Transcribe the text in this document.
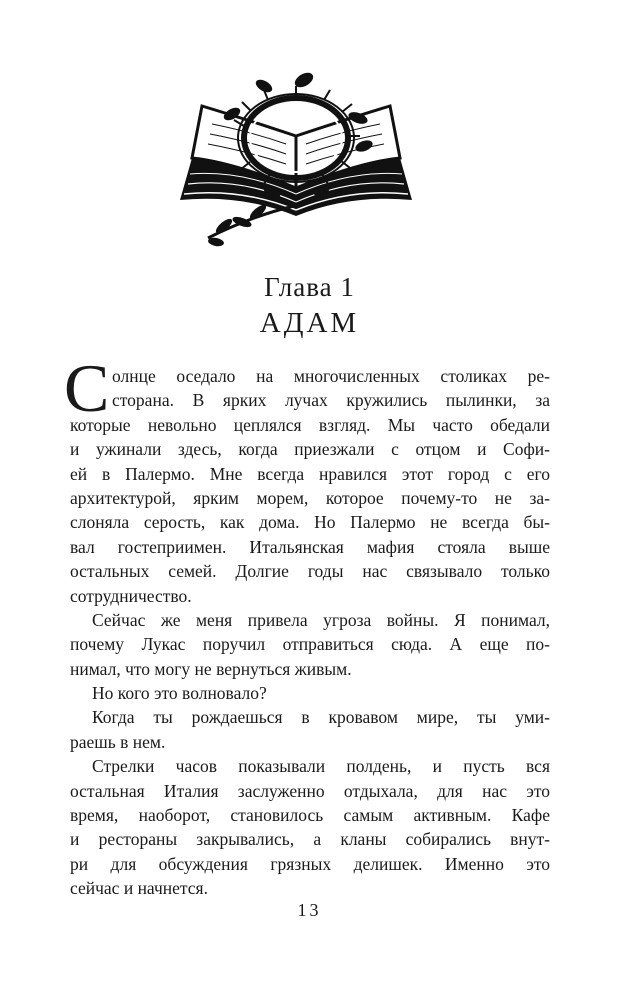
Глава 1
АДАМ
С олнце оседало на многочисленных столиках ре-
сторана. В ярких лучах кружились пылинки, за
которые невольно цеплялся взгляд. Мы часто обедали
и ужинали здесь, когда приезжали с отцом и Софи-
ей в Палермо. Мне всегда нравился этот город с его
архитектурой, ярким морем, которое почему-то не за-
слоняла серость, как дома. Но Палермо не всегда бы-
вал гостеприимен. Итальянская мафия стояла выше
остальных семей. Долгие годы нас связывало только
сотрудничество.
Сейчас же меня привела угроза войны. Я понимал,
почему Лукас поручил отправиться сюда. А еще по-
нимал, что могу не вернуться живым.
Но кого это волновало?
Когда ты рождаешься в кровавом мире, ты уми-
раешь в нем.
Стрелки часов показывали полдень, и пусть вся
остальная Италия заслуженно отдыхала, для нас это
время, наоборот, становилось самым активным. Кафе
и рестораны закрывались, а кланы собирались внут-
ри для обсуждения грязных делишек. Именно это
сейчас и начнется.
13
